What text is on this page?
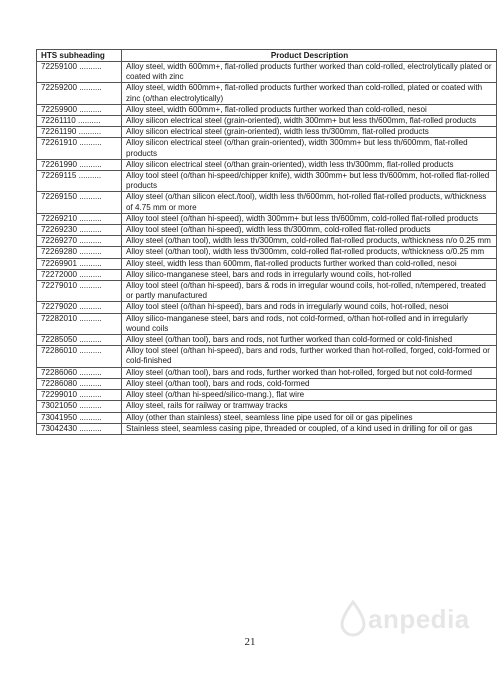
HTS subheading	Product Description
72259100 ..........	Alloy steel, width 600mm+, flat-rolled products further worked than cold-rolled, electrolytically plated or coated with zinc
72259200 ..........	Alloy steel, width 600mm+, flat-rolled products further worked than cold-rolled, plated or coated with zinc (o/than electrolytically)
72259900 ..........	Alloy steel, width 600mm+, flat-rolled products further worked than cold-rolled, nesoi
72261110 ..........	Alloy silicon electrical steel (grain-oriented), width 300mm+ but less th/600mm, flat-rolled products
72261190 ..........	Alloy silicon electrical steel (grain-oriented), width less th/300mm, flat-rolled products
72261910 ..........	Alloy silicon electrical steel (o/than grain-oriented), width 300mm+ but less th/600mm, flat-rolled products
72261990 ..........	Alloy silicon electrical steel (o/than grain-oriented), width less th/300mm, flat-rolled products
72269115 ..........	Alloy tool steel (o/than hi-speed/chipper knife), width 300mm+ but less th/600mm, hot-rolled flat-rolled products
72269150 ..........	Alloy steel (o/than silicon elect./tool), width less th/600mm, hot-rolled flat-rolled products, w/thickness of 4.75 mm or more
72269210 ..........	Alloy tool steel (o/than hi-speed), width 300mm+ but less th/600mm, cold-rolled flat-rolled products
72269230 ..........	Alloy tool steel (o/than hi-speed), width less th/300mm, cold-rolled flat-rolled products
72269270 ..........	Alloy steel (o/than tool), width less th/300mm, cold-rolled flat-rolled products, w/thickness n/o 0.25 mm
72269280 ..........	Alloy steel (o/than tool), width less th/300mm, cold-rolled flat-rolled products, w/thickness o/0.25 mm
72269901 ..........	Alloy steel, width less than 600mm, flat-rolled products further worked than cold-rolled, nesoi
72272000 ..........	Alloy silico-manganese steel, bars and rods in irregularly wound coils, hot-rolled
72279010 ..........	Alloy tool steel (o/than hi-speed), bars & rods in irregular wound coils, hot-rolled, n/tempered, treated or partly manufactured
72279020 ..........	Alloy tool steel (o/than hi-speed), bars and rods in irregularly wound coils, hot-rolled, nesoi
72282010 ..........	Alloy silico-manganese steel, bars and rods, not cold-formed, o/than hot-rolled and in irregularly wound coils
72285050 ..........	Alloy steel (o/than tool), bars and rods, not further worked than cold-formed or cold-finished
72286010 ..........	Alloy tool steel (o/than hi-speed), bars and rods, further worked than hot-rolled, forged, cold-formed or cold-finished
72286060 ..........	Alloy steel (o/than tool), bars and rods, further worked than hot-rolled, forged but not cold-formed
72286080 ..........	Alloy steel (o/than tool), bars and rods, cold-formed
72299010 ..........	Alloy steel (o/than hi-speed/silico-mang.), flat wire
73021050 ..........	Alloy steel, rails for railway or tramway tracks
73041950 ..........	Alloy (other than stainless) steel, seamless line pipe used for oil or gas pipelines
73042430 ..........	Stainless steel, seamless casing pipe, threaded or coupled, of a kind used in drilling for oil or gas
21
anpedia
